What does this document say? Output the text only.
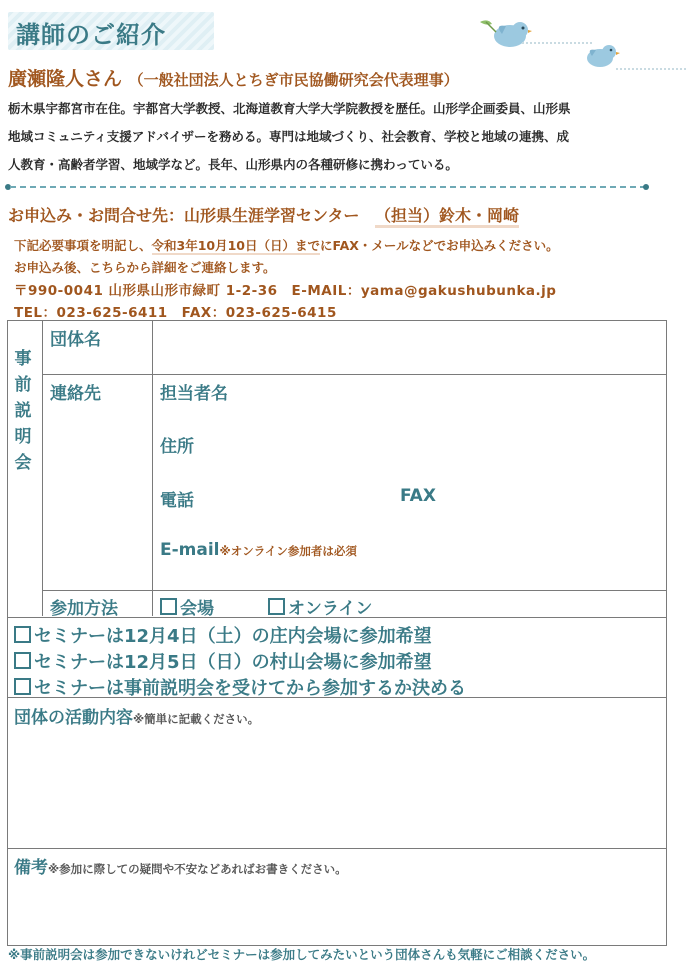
講師のご紹介
廣瀬隆人さん （一般社団法人とちぎ市民協働研究会代表理事）
栃木県宇都宮市在住。宇都宮大学教授、北海道教育大学大学院教授を歴任。山形学企画委員、山形県
地域コミュニティ支援アドバイザーを務める。専門は地域づくり、社会教育、学校と地域の連携、成
人教育・高齢者学習、地域学など。長年、山形県内の各種研修に携わっている。
お申込み・お問合せ先：山形県生涯学習センター （担当）鈴木・岡崎
下記必要事項を明記し、令和3年10月10日（日）までにFAX・メールなどでお申込みください。
お申込み後、こちらから詳細をご連絡します。
〒990-0041 山形県山形市緑町 1-2-36　E-MAIL：yama@gakushubunka.jp
TEL：023-625-6411　FAX：023-625-6415
事
前
説
明
会
団体名
連絡先	担当者名
住所
電話	FAX
E-mail※オンライン参加者は必須
参加方法	会場	オンライン
セミナーは12月4日（土）の庄内会場に参加希望
セミナーは12月5日（日）の村山会場に参加希望
セミナーは事前説明会を受けてから参加するか決める
団体の活動内容※簡単に記載ください。
備考※参加に際しての疑問や不安などあればお書きください。
※事前説明会は参加できないけれどセミナーは参加してみたいという団体さんも気軽にご相談ください。
